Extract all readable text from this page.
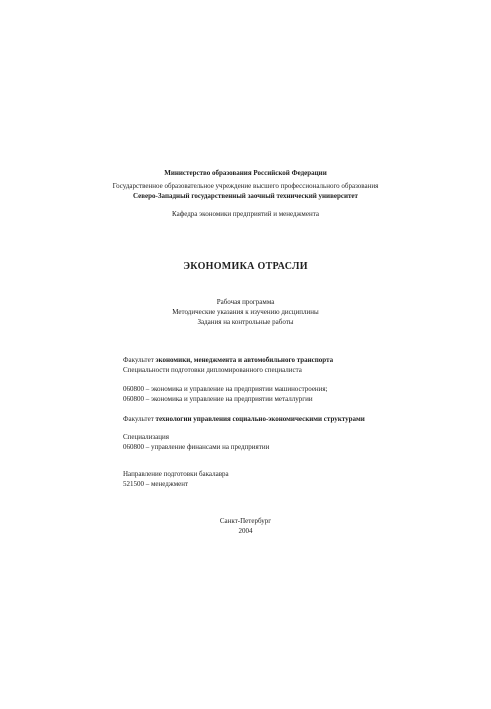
Министерство образования Российской Федерации
Государственное образовательное учреждение высшего профессионального образования
Северо-Западный государственный заочный технический университет
Кафедра экономики предприятий и менеджмента
ЭКОНОМИКА ОТРАСЛИ
Рабочая программа
Методические указания к изучению дисциплины
Задания на контрольные работы
Факультет экономики, менеджмента и автомобильного транспорта
Специальности подготовки дипломированного специалиста
060800 – экономика и управление на предприятии машиностроения;
060800 – экономика и управление на предприятии металлургии
Факультет технологии управления социально-экономическими структурами
Специализация
060800 – управление финансами на предприятии
Направление подготовки бакалавра
521500 – менеджмент
Санкт-Петербург
2004
